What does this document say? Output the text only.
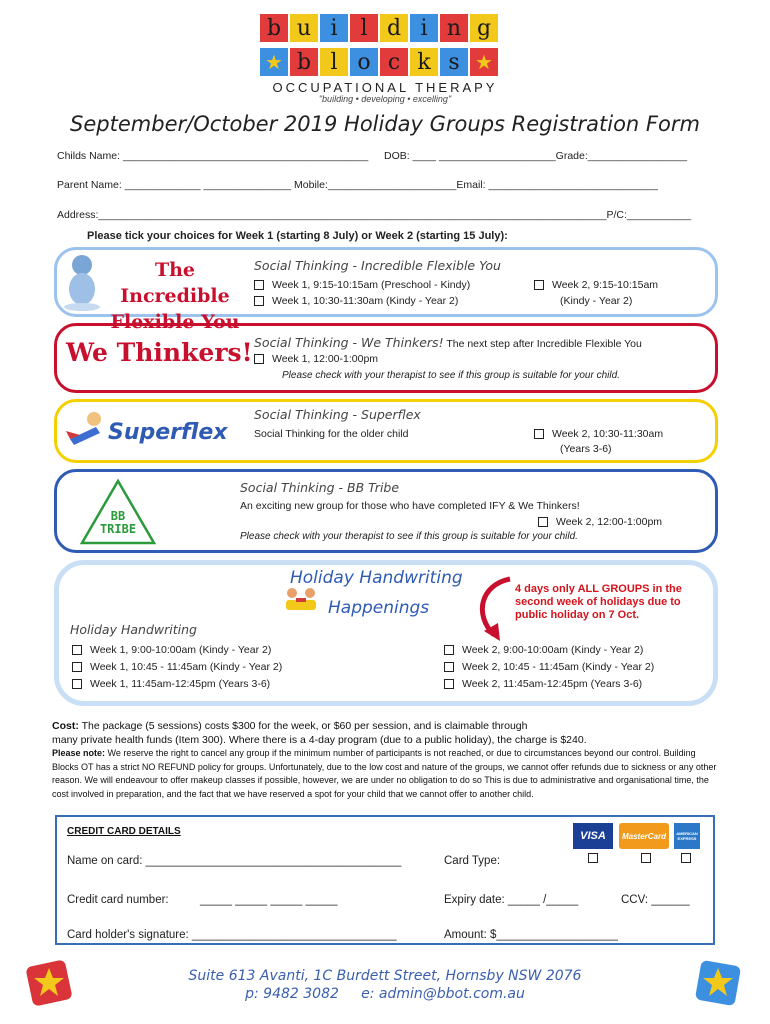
b u i	l d i n g
★ b l o c k s ★
OCCUPATIONAL THERAPY
"building • developing • excelling"
September/October 2019 Holiday Groups Registration Form
Childs Name: __________________________________________ DOB: ____ ____________________Grade:_________________
Parent Name: _____________ _______________ Mobile:______________________Email: _____________________________
Address:_______________________________________________________________________________________P/C:___________
Please tick your choices for Week 1 (starting 8 July) or Week 2 (starting 15 July):
The Incredible
Flexible You
Social Thinking - Incredible Flexible You
Week 1, 9:15-10:15am (Preschool - Kindy)
Week 1, 10:30-11:30am (Kindy - Year 2)
Week 2, 9:15-10:15am
(Kindy - Year 2)
We Thinkers! Social Thinking - We Thinkers! The next step after Incredible Flexible You
Week 1, 12:00-1:00pm
Please check with your therapist to see if this group is suitable for your child.
Superflex
Social Thinking - Superflex
Social Thinking for the older child	Week 2, 10:30-11:30am
(Years 3-6)
BB
TRIBE
Social Thinking - BB Tribe
An exciting new group for those who have completed IFY & We Thinkers!
Week 2, 12:00-1:00pm
Please check with your therapist to see if this group is suitable for your child.
Holiday Handwriting
Happenings
4 days only ALL GROUPS in the second week of holidays due to public holiday on 7 Oct.
Holiday Handwriting
Week 1, 9:00-10:00am (Kindy - Year 2)
Week 1, 10:45 - 11:45am (Kindy - Year 2)
Week 1, 11:45am-12:45pm (Years 3-6)
Week 2, 9:00-10:00am (Kindy - Year 2)
Week 2, 10:45 - 11:45am (Kindy - Year 2)
Week 2, 11:45am-12:45pm (Years 3-6)
Cost: The package (5 sessions) costs $300 for the week, or $60 per session, and is claimable through
many private health funds (Item 300). Where there is a 4-day program (due to a public holiday), the charge is $240.
Please note: We reserve the right to cancel any group if the minimum number of participants is not reached, or due to circumstances beyond our control. Building Blocks OT has a strict NO REFUND policy for groups. Unfortunately, due to the low cost and nature of the groups, we cannot offer refunds due to sickness or any other reason. We will endeavour to offer makeup classes if possible, however, we are under no obligation to do so This is due to administrative and organisational time, the cost involved in preparation, and the fact that we have reserved a spot for your child that we cannot offer to another child.
CREDIT CARD DETAILS	VISA	MasterCard	AMERICAN EXPRESS
Name on card: ________________________________________	Card Type:
Credit card number:	_____ _____ _____ _____	Expiry date: _____ /_____	CCV: ______
Card holder's signature: ________________________________	Amount: $___________________
Suite 613 Avanti, 1C Burdett Street, Hornsby NSW 2076
p: 9482 3082     e: admin@bbot.com.au
